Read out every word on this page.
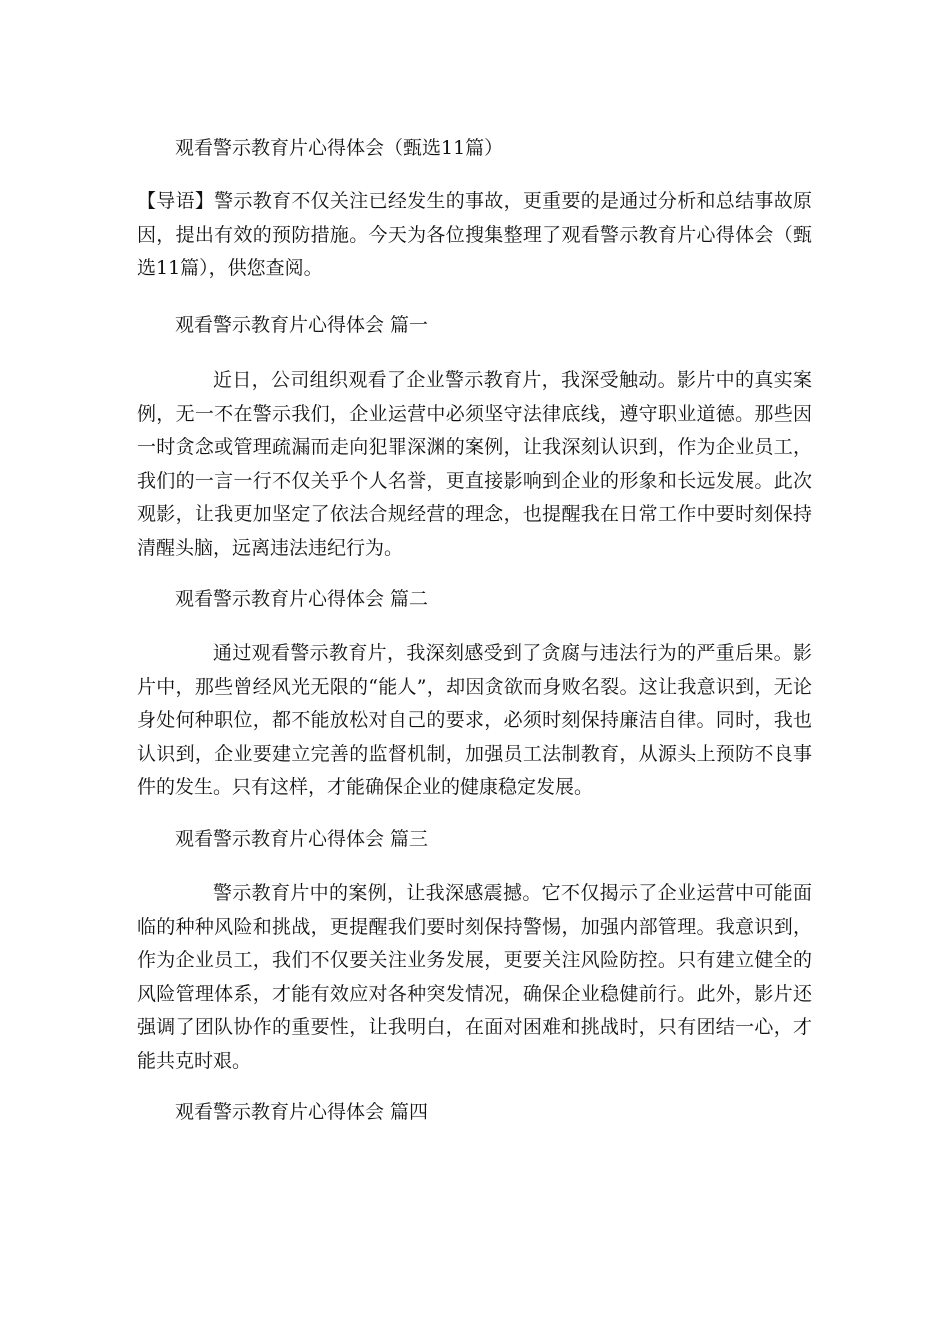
观看警示教育片心得体会（甄选11篇）

【导语】警示教育不仅关注已经发生的事故，更重要的是通过分析和总结事故原因，提出有效的预防措施。今天为各位搜集整理了观看警示教育片心得体会（甄选11篇），供您查阅。

观看警示教育片心得体会 篇一

近日，公司组织观看了企业警示教育片，我深受触动。影片中的真实案例，无一不在警示我们，企业运营中必须坚守法律底线，遵守职业道德。那些因一时贪念或管理疏漏而走向犯罪深渊的案例，让我深刻认识到，作为企业员工，我们的一言一行不仅关乎个人名誉，更直接影响到企业的形象和长远发展。此次观影，让我更加坚定了依法合规经营的理念，也提醒我在日常工作中要时刻保持清醒头脑，远离违法违纪行为。

观看警示教育片心得体会 篇二

通过观看警示教育片，我深刻感受到了贪腐与违法行为的严重后果。影片中，那些曾经风光无限的“能人”，却因贪欲而身败名裂。这让我意识到，无论身处何种职位，都不能放松对自己的要求，必须时刻保持廉洁自律。同时，我也认识到，企业要建立完善的监督机制，加强员工法制教育，从源头上预防不良事件的发生。只有这样，才能确保企业的健康稳定发展。

观看警示教育片心得体会 篇三

警示教育片中的案例，让我深感震撼。它不仅揭示了企业运营中可能面临的种种风险和挑战，更提醒我们要时刻保持警惕，加强内部管理。我意识到，作为企业员工，我们不仅要关注业务发展，更要关注风险防控。只有建立健全的风险管理体系，才能有效应对各种突发情况，确保企业稳健前行。此外，影片还强调了团队协作的重要性，让我明白，在面对困难和挑战时，只有团结一心，才能共克时艰。

观看警示教育片心得体会 篇四
